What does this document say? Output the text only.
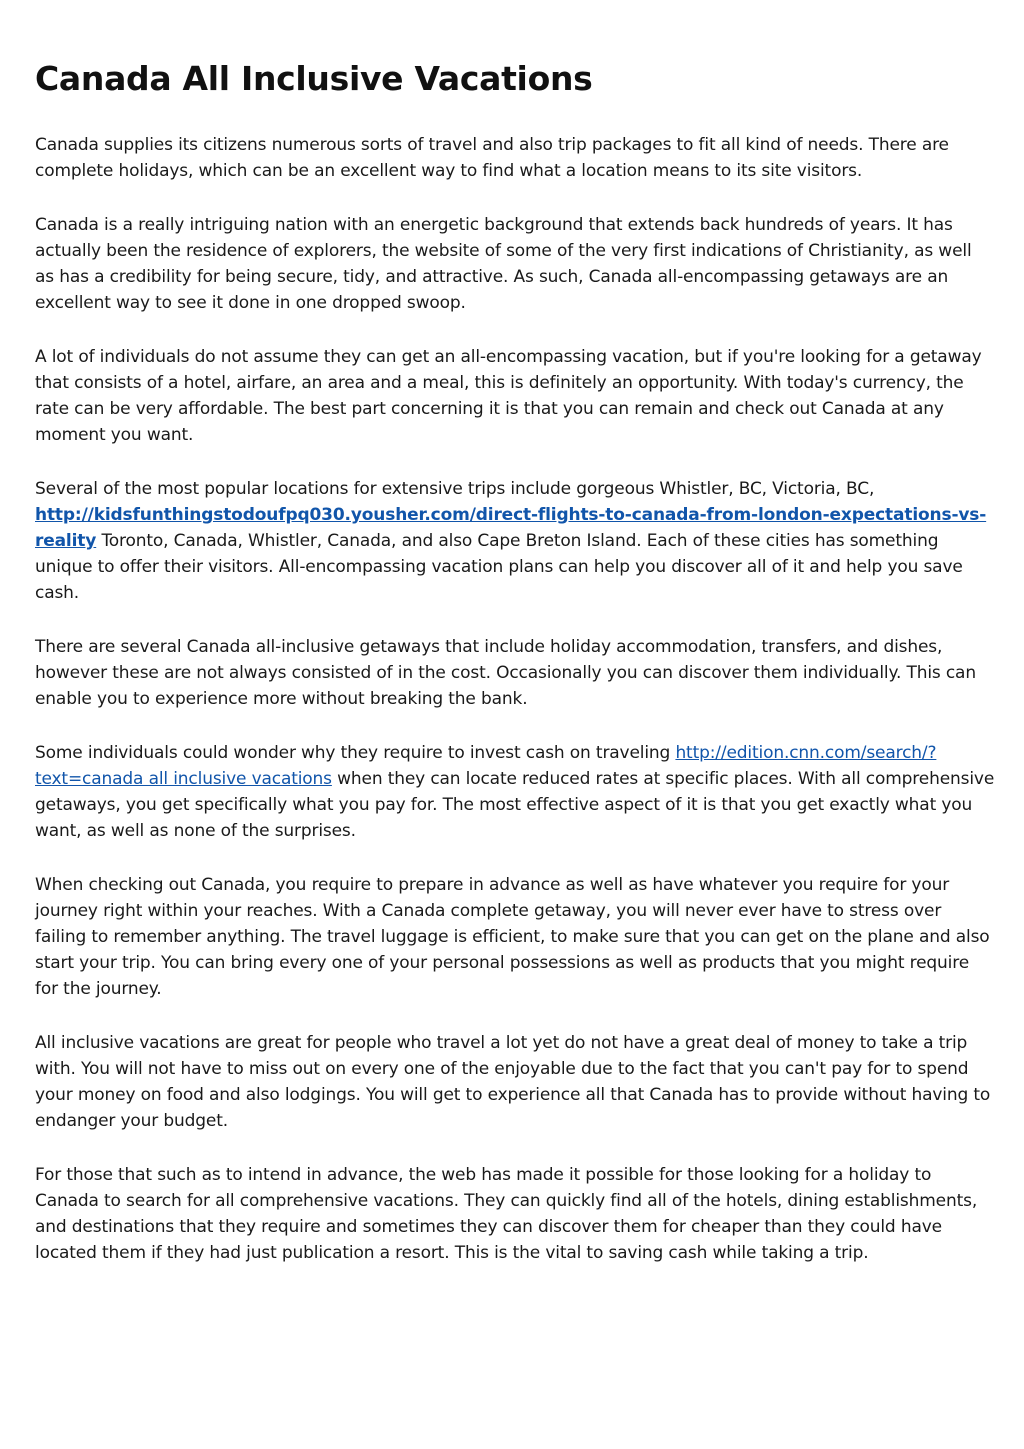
Canada All Inclusive Vacations

Canada supplies its citizens numerous sorts of travel and also trip packages to fit all kind of needs. There are complete holidays, which can be an excellent way to find what a location means to its site visitors.

Canada is a really intriguing nation with an energetic background that extends back hundreds of years. It has actually been the residence of explorers, the website of some of the very first indications of Christianity, as well as has a credibility for being secure, tidy, and attractive. As such, Canada all-encompassing getaways are an excellent way to see it done in one dropped swoop.

A lot of individuals do not assume they can get an all-encompassing vacation, but if you're looking for a getaway that consists of a hotel, airfare, an area and a meal, this is definitely an opportunity. With today's currency, the rate can be very affordable. The best part concerning it is that you can remain and check out Canada at any moment you want.

Several of the most popular locations for extensive trips include gorgeous Whistler, BC, Victoria, BC, http://kidsfunthingstodoufpq030.yousher.com/direct-flights-to-canada-from-london-expectations-vs-reality Toronto, Canada, Whistler, Canada, and also Cape Breton Island. Each of these cities has something unique to offer their visitors. All-encompassing vacation plans can help you discover all of it and help you save cash.

There are several Canada all-inclusive getaways that include holiday accommodation, transfers, and dishes, however these are not always consisted of in the cost. Occasionally you can discover them individually. This can enable you to experience more without breaking the bank.

Some individuals could wonder why they require to invest cash on traveling http://edition.cnn.com/search/?text=canada all inclusive vacations when they can locate reduced rates at specific places. With all comprehensive getaways, you get specifically what you pay for. The most effective aspect of it is that you get exactly what you want, as well as none of the surprises.

When checking out Canada, you require to prepare in advance as well as have whatever you require for your journey right within your reaches. With a Canada complete getaway, you will never ever have to stress over failing to remember anything. The travel luggage is efficient, to make sure that you can get on the plane and also start your trip. You can bring every one of your personal possessions as well as products that you might require for the journey.

All inclusive vacations are great for people who travel a lot yet do not have a great deal of money to take a trip with. You will not have to miss out on every one of the enjoyable due to the fact that you can't pay for to spend your money on food and also lodgings. You will get to experience all that Canada has to provide without having to endanger your budget.

For those that such as to intend in advance, the web has made it possible for those looking for a holiday to Canada to search for all comprehensive vacations. They can quickly find all of the hotels, dining establishments, and destinations that they require and sometimes they can discover them for cheaper than they could have located them if they had just publication a resort. This is the vital to saving cash while taking a trip.
